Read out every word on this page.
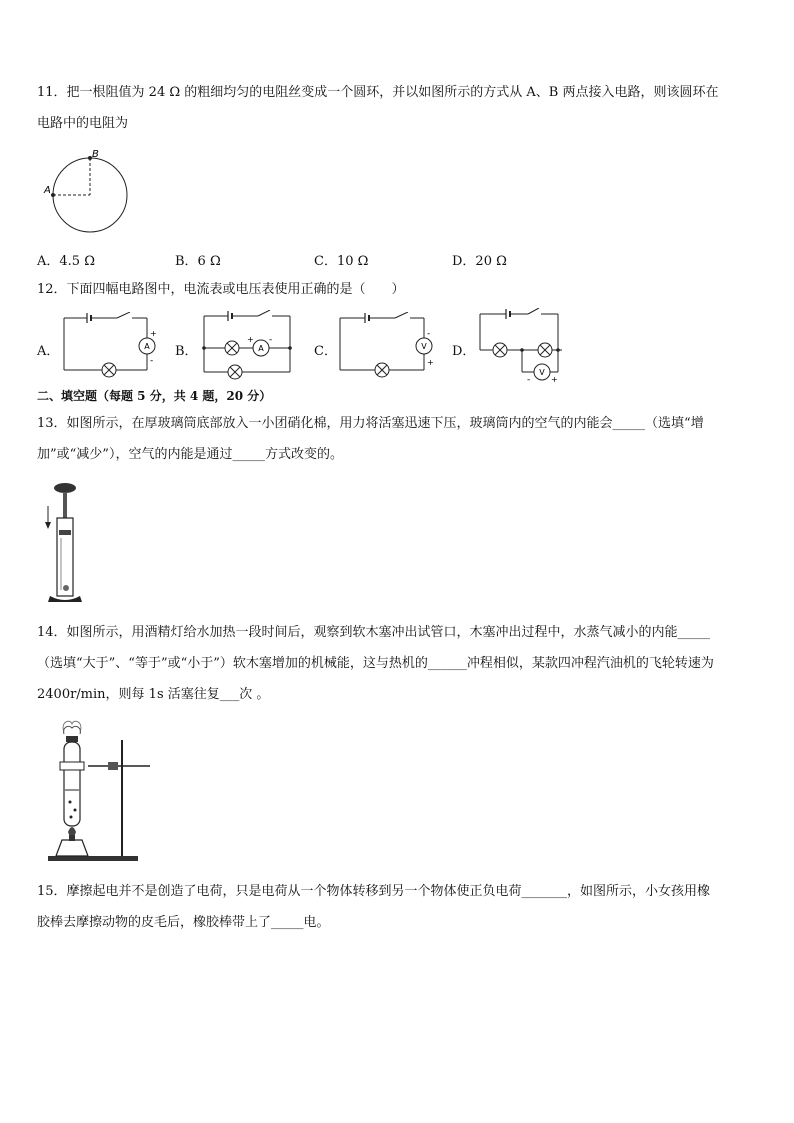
11．把一根阻值为 24 Ω 的粗细均匀的电阻丝变成一个圆环，并以如图所示的方式从 A、B 两点接入电路，则该圆环在
电路中的电阻为
A
B
A．4.5 Ω	B．6 Ω	C．10 Ω	D．20 Ω
12．下面四幅电路图中，电流表或电压表使用正确的是（　　）
A．	B．	C．	D．
A
+
-
A
+ -
V
-
+
V
-	+
二、填空题（每题 5 分，共 4 题，20 分）
13．如图所示，在厚玻璃筒底部放入一小团硝化棉，用力将活塞迅速下压，玻璃筒内的空气的内能会_____（选填“增
加”或“减少”），空气的内能是通过_____方式改变的。
14．如图所示，用酒精灯给水加热一段时间后，观察到软木塞冲出试管口，木塞冲出过程中，水蒸气减小的内能_____
（选填“大于”、“等于”或“小于”）软木塞增加的机械能，这与热机的______冲程相似，某款四冲程汽油机的飞轮转速为
2400r/min，则每 1s 活塞往复___次 。
15．摩擦起电并不是创造了电荷，只是电荷从一个物体转移到另一个物体使正负电荷_______，如图所示，小女孩用橡
胶棒去摩擦动物的皮毛后，橡胶棒带上了_____电。
